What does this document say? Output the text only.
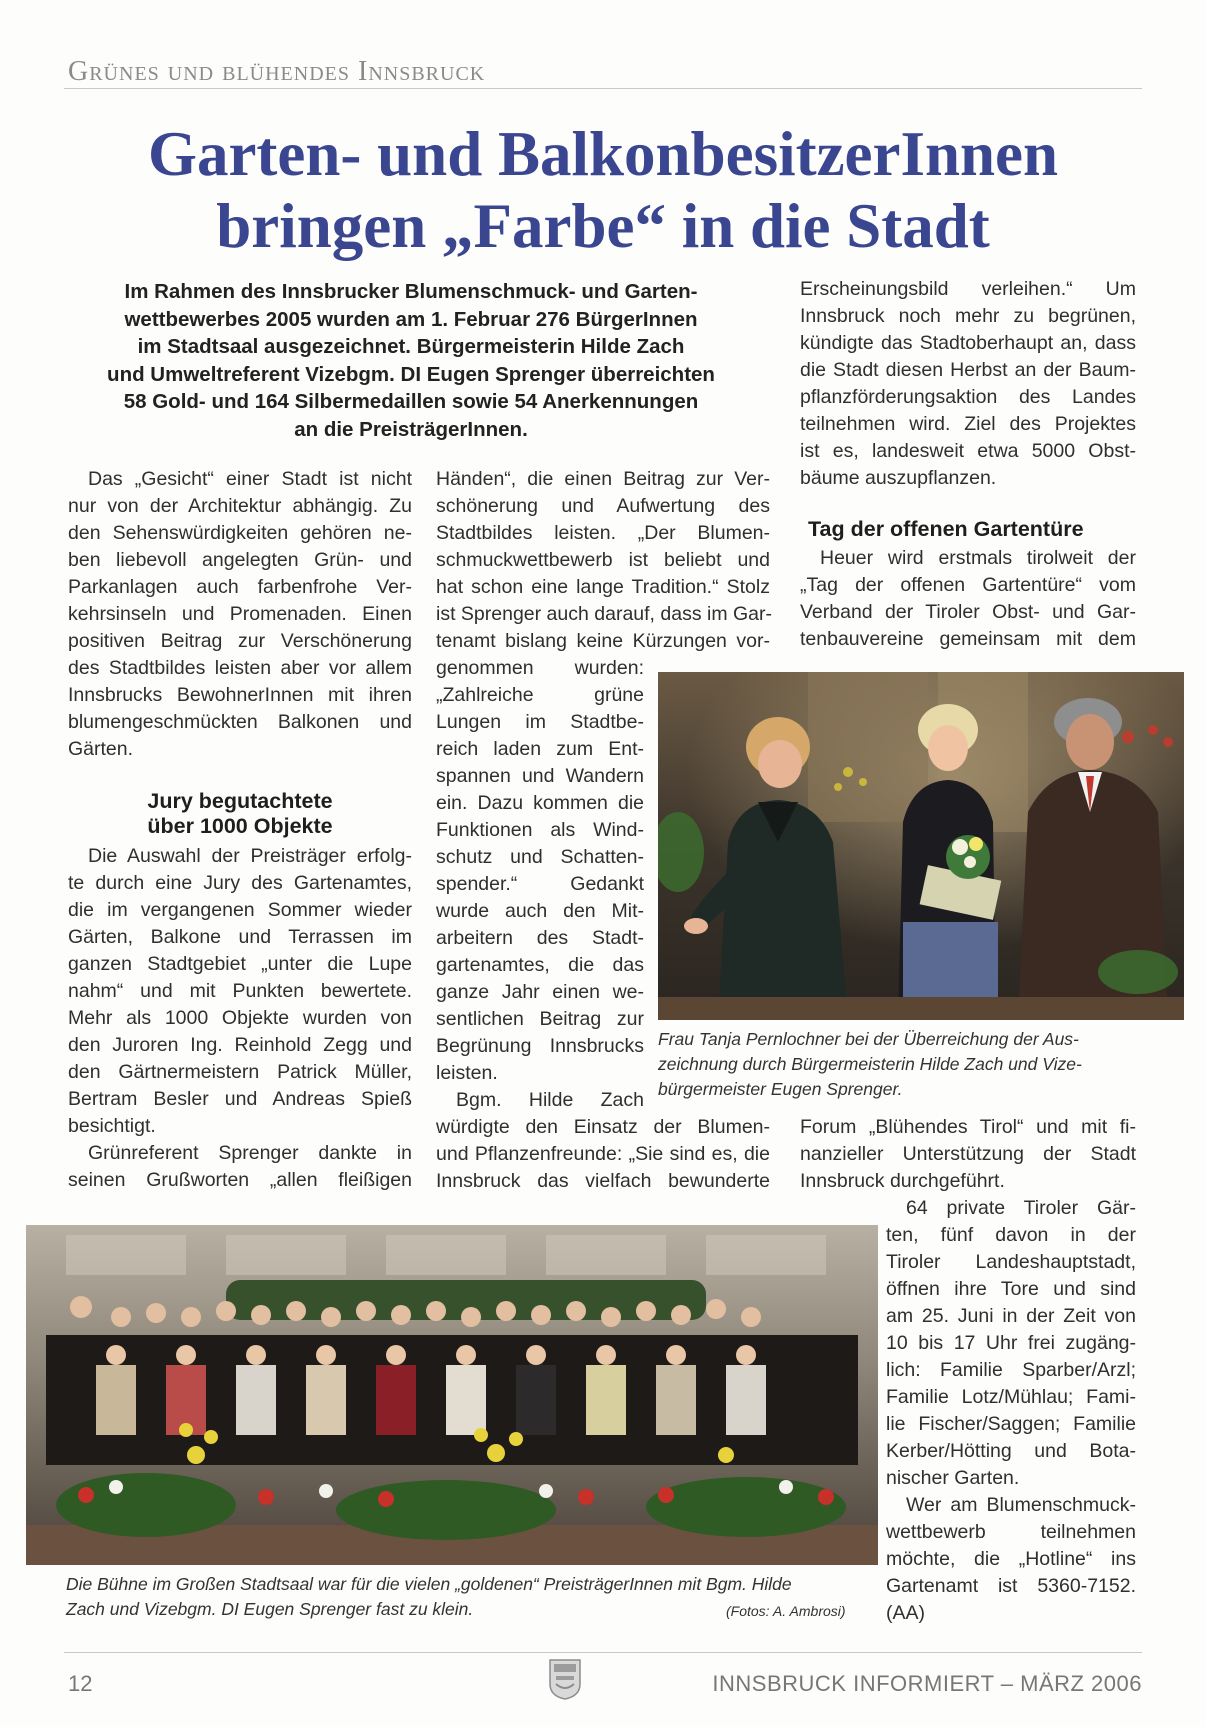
Grünes und blühendes Innsbruck
Garten- und BalkonbesitzerInnen
bringen „Farbe“ in die Stadt
Im Rahmen des Innsbrucker Blumenschmuck- und Garten-
wettbewerbes 2005 wurden am 1. Februar 276 BürgerInnen
im Stadtsaal ausgezeichnet. Bürgermeisterin Hilde Zach
und Umweltreferent Vizebgm. DI Eugen Sprenger überreichten
58 Gold- und 164 Silbermedaillen sowie 54 Anerkennungen
an die PreisträgerInnen.
Das „Gesicht“ einer Stadt ist nicht
nur von der Architektur abhängig. Zu
den Sehenswürdigkeiten gehören ne-
ben liebevoll angelegten Grün- und
Parkanlagen auch farbenfrohe Ver-
kehrsinseln und Promenaden. Einen
positiven Beitrag zur Verschönerung
des Stadtbildes leisten aber vor allem
Innsbrucks BewohnerInnen mit ihren
blumengeschmückten Balkonen und
Gärten.
Jury begutachtete
über 1000 Objekte
Die Auswahl der Preisträger erfolg-
te durch eine Jury des Gartenamtes,
die im vergangenen Sommer wieder
Gärten, Balkone und Terrassen im
ganzen Stadtgebiet „unter die Lupe
nahm“ und mit Punkten bewertete.
Mehr als 1000 Objekte wurden von
den Juroren Ing. Reinhold Zegg und
den Gärtnermeistern Patrick Müller,
Bertram Besler und Andreas Spieß
besichtigt.
Grünreferent Sprenger dankte in
seinen Grußworten „allen fleißigen
Händen“, die einen Beitrag zur Ver-
schönerung und Aufwertung des
Stadtbildes leisten. „Der Blumen-
schmuckwettbewerb ist beliebt und
hat schon eine lange Tradition.“ Stolz
ist Sprenger auch darauf, dass im Gar-
tenamt bislang keine Kürzungen vor-
genommen wurden:
„Zahlreiche grüne
Lungen im Stadtbe-
reich laden zum Ent-
spannen und Wandern
ein. Dazu kommen die
Funktionen als Wind-
schutz und Schatten-
spender.“ Gedankt
wurde auch den Mit-
arbeitern des Stadt-
gartenamtes, die das
ganze Jahr einen we-
sentlichen Beitrag zur
Begrünung Innsbrucks
leisten.
Bgm. Hilde Zach
würdigte den Einsatz der Blumen-
und Pflanzenfreunde: „Sie sind es, die
Innsbruck das vielfach bewunderte
Erscheinungsbild verleihen.“ Um
Innsbruck noch mehr zu begrünen,
kündigte das Stadtoberhaupt an, dass
die Stadt diesen Herbst an der Baum-
pflanzförderungsaktion des Landes
teilnehmen wird. Ziel des Projektes
ist es, landesweit etwa 5000 Obst-
bäume auszupflanzen.
Tag der offenen Gartentüre
Heuer wird erstmals tirolweit der
„Tag der offenen Gartentüre“ vom
Verband der Tiroler Obst- und Gar-
tenbauvereine gemeinsam mit dem
Forum „Blühendes Tirol“ und mit fi-
nanzieller Unterstützung der Stadt
Innsbruck durchgeführt.
64 private Tiroler Gär-
ten, fünf davon in der
Tiroler Landeshauptstadt,
öffnen ihre Tore und sind
am 25. Juni in der Zeit von
10 bis 17 Uhr frei zugäng-
lich: Familie Sparber/Arzl;
Familie Lotz/Mühlau; Fami-
lie Fischer/Saggen; Familie
Kerber/Hötting und Bota-
nischer Garten.
Wer am Blumenschmuck-
wettbewerb teilnehmen
möchte, die „Hotline“ ins
Gartenamt ist 5360-7152.
(AA)
Frau Tanja Pernlochner bei der Überreichung der Aus-
zeichnung durch Bürgermeisterin Hilde Zach und Vize-
bürgermeister Eugen Sprenger.
Die Bühne im Großen Stadtsaal war für die vielen „goldenen“ PreisträgerInnen mit Bgm. Hilde
Zach und Vizebgm. DI Eugen Sprenger fast zu klein.	(Fotos: A. Ambrosi)
12	INNSBRUCK INFORMIERT – MÄRZ 2006
